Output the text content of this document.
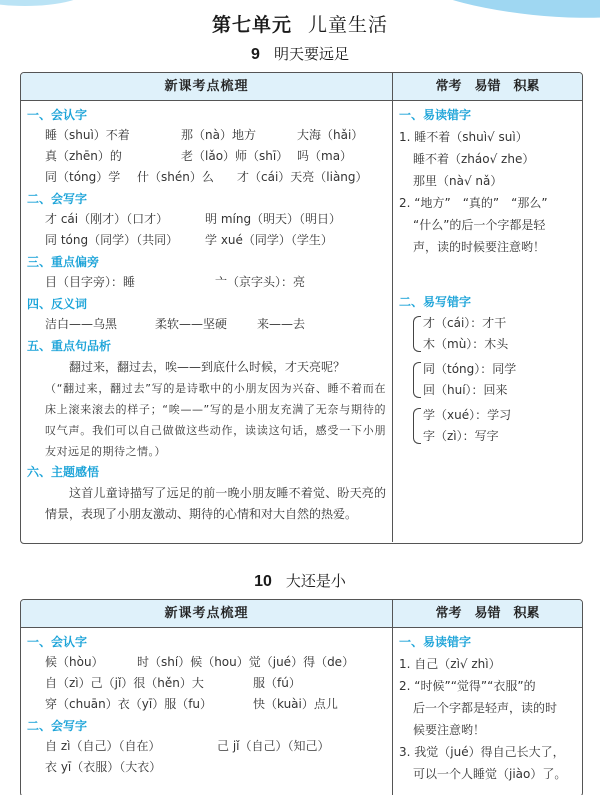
第七单元 儿童生活
9 明天要远足
新课考点梳理	常考　易错　积累
一、会认字
睡（shuì）不着	那（nà）地方	大海（hǎi）
真（zhēn）的	老（lǎo）师（shī） 吗（ma）
同（tóng）学 什（shén）么 才（cái）天亮（liàng）
二、会写字
才 cái（刚才）（口才）	明 míng（明天）（明日）
同 tóng（同学）（共同） 学 xué（同学）（学生）
三、重点偏旁
目（目字旁）：睡	亠（京字头）：亮
四、反义词
洁白——乌黑	柔软——坚硬 来——去
五、重点句品析
翻过来，翻过去，唉——到底什么时候，才天亮呢？
（“翻过来，翻过去”写的是诗歌中的小朋友因为兴奋、睡不着而在床上滚来滚去的样子；“唉——”写的是小朋友充满了无奈与期待的叹气声。我们可以自己做做这些动作，读读这句话，感受一下小朋友对远足的期待之情。）
六、主题感悟
这首儿童诗描写了远足的前一晚小朋友睡不着觉、盼天亮的情景，表现了小朋友激动、期待的心情和对大自然的热爱。
一、易读错字
1. 睡不着（shuì√ suì）
睡不着（zháo√ zhe）
那里（nà√ nǎ）
2. “地方”　“真的”　“那么”
“什么”的后一个字都是轻
声，读的时候要注意哟！
二、易写错字
才（cái）：才干
木（mù）：木头
同（tóng）：同学
回（huí）：回来
学（xué）：学习
字（zì）：写字
10 大还是小
新课考点梳理	常考　易错　积累
一、会认字
候（hòu）	时（shí）候（hou）觉（jué）得（de）
自（zì）己（jǐ）很（hěn）大	服（fú）
穿（chuān）衣（yī）服（fu）	快（kuài）点儿
二、会写字
自 zì（自己）（自在）	己 jǐ（自己）（知己）
衣 yī（衣服）（大衣）
一、易读错字
1. 自己（zì√ zhì）
2. “时候”“觉得”“衣服”的
后一个字都是轻声，读的时
候要注意哟！
3. 我觉（jué）得自己长大了，
可以一个人睡觉（jiào）了。
